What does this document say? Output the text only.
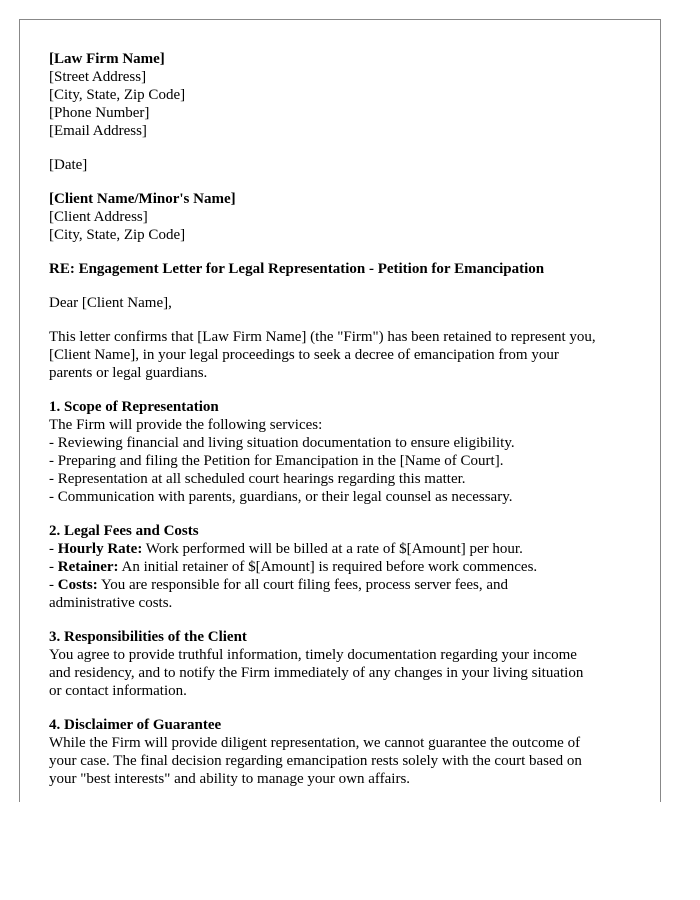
[Law Firm Name]
[Street Address]
[City, State, Zip Code]
[Phone Number]
[Email Address]
[Date]
[Client Name/Minor's Name]
[Client Address]
[City, State, Zip Code]
RE: Engagement Letter for Legal Representation - Petition for Emancipation
Dear [Client Name],
This letter confirms that [Law Firm Name] (the "Firm") has been retained to represent you,
[Client Name], in your legal proceedings to seek a decree of emancipation from your
parents or legal guardians.
1. Scope of Representation
The Firm will provide the following services:
- Reviewing financial and living situation documentation to ensure eligibility.
- Preparing and filing the Petition for Emancipation in the [Name of Court].
- Representation at all scheduled court hearings regarding this matter.
- Communication with parents, guardians, or their legal counsel as necessary.
2. Legal Fees and Costs
- Hourly Rate: Work performed will be billed at a rate of $[Amount] per hour.
- Retainer: An initial retainer of $[Amount] is required before work commences.
- Costs: You are responsible for all court filing fees, process server fees, and
administrative costs.
3. Responsibilities of the Client
You agree to provide truthful information, timely documentation regarding your income
and residency, and to notify the Firm immediately of any changes in your living situation
or contact information.
4. Disclaimer of Guarantee
While the Firm will provide diligent representation, we cannot guarantee the outcome of
your case. The final decision regarding emancipation rests solely with the court based on
your "best interests" and ability to manage your own affairs.
